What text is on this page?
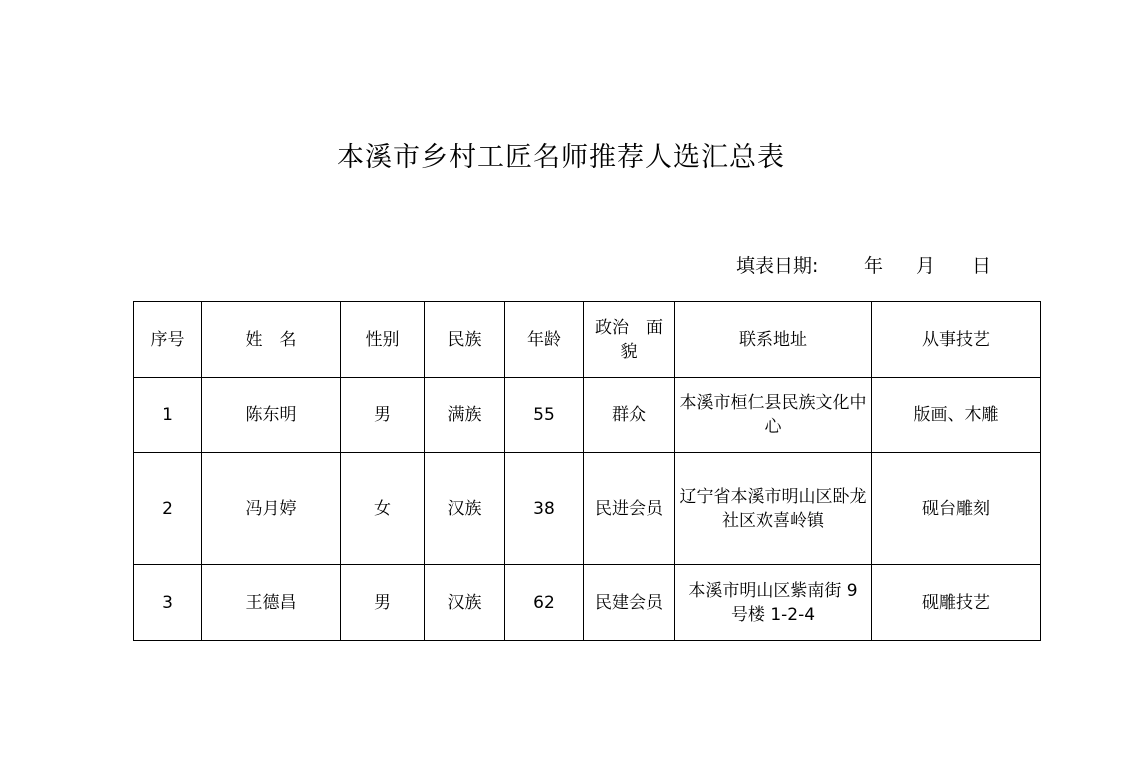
本溪市乡村工匠名师推荐人选汇总表
填表日期: 年 月 日
序号	姓　名	性别	民族	年龄	政治　面貌	联系地址	从事技艺
1	陈东明	男	满族	55	群众	本溪市桓仁县民族文化中心	版画、木雕
2	冯月婷	女	汉族	38	民进会员	辽宁省本溪市明山区卧龙社区欢喜岭镇	砚台雕刻
3	王德昌	男	汉族	62	民建会员	本溪市明山区紫南街 9 号楼 1-2-4	砚雕技艺
